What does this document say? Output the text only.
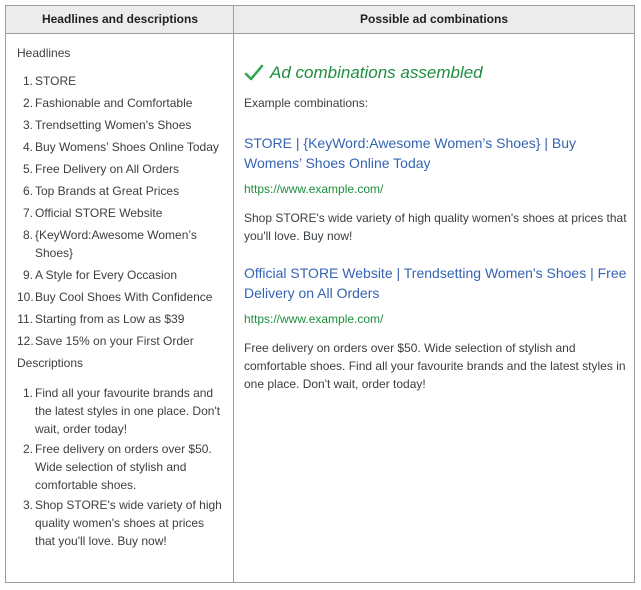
Headlines and descriptions	Possible ad combinations

Headlines

1. STORE
2. Fashionable and Comfortable
3. Trendsetting Women's Shoes
4. Buy Womens’ Shoes Online Today
5. Free Delivery on All Orders
6. Top Brands at Great Prices
7. Official STORE Website
8. {KeyWord:Awesome Women’s Shoes}
9. A Style for Every Occasion
10. Buy Cool Shoes With Confidence
11. Starting from as Low as $39
12. Save 15% on your First Order

Descriptions

1. Find all your favourite brands and the latest styles in one place. Don't wait, order today!
2. Free delivery on orders over $50. Wide selection of stylish and comfortable shoes.
3. Shop STORE's wide variety of high quality women's shoes at prices that you'll love. Buy now!
Ad combinations assembled
Example combinations:
STORE | {KeyWord:Awesome Women’s Shoes} | Buy Womens’ Shoes Online Today
https://www.example.com/
Shop STORE's wide variety of high quality women's shoes at prices that you'll love. Buy now!
Official STORE Website | Trendsetting Women's Shoes | Free Delivery on All Orders
https://www.example.com/
Free delivery on orders over $50. Wide selection of stylish and comfortable shoes. Find all your favourite brands and the latest styles in one place. Don't wait, order today!
